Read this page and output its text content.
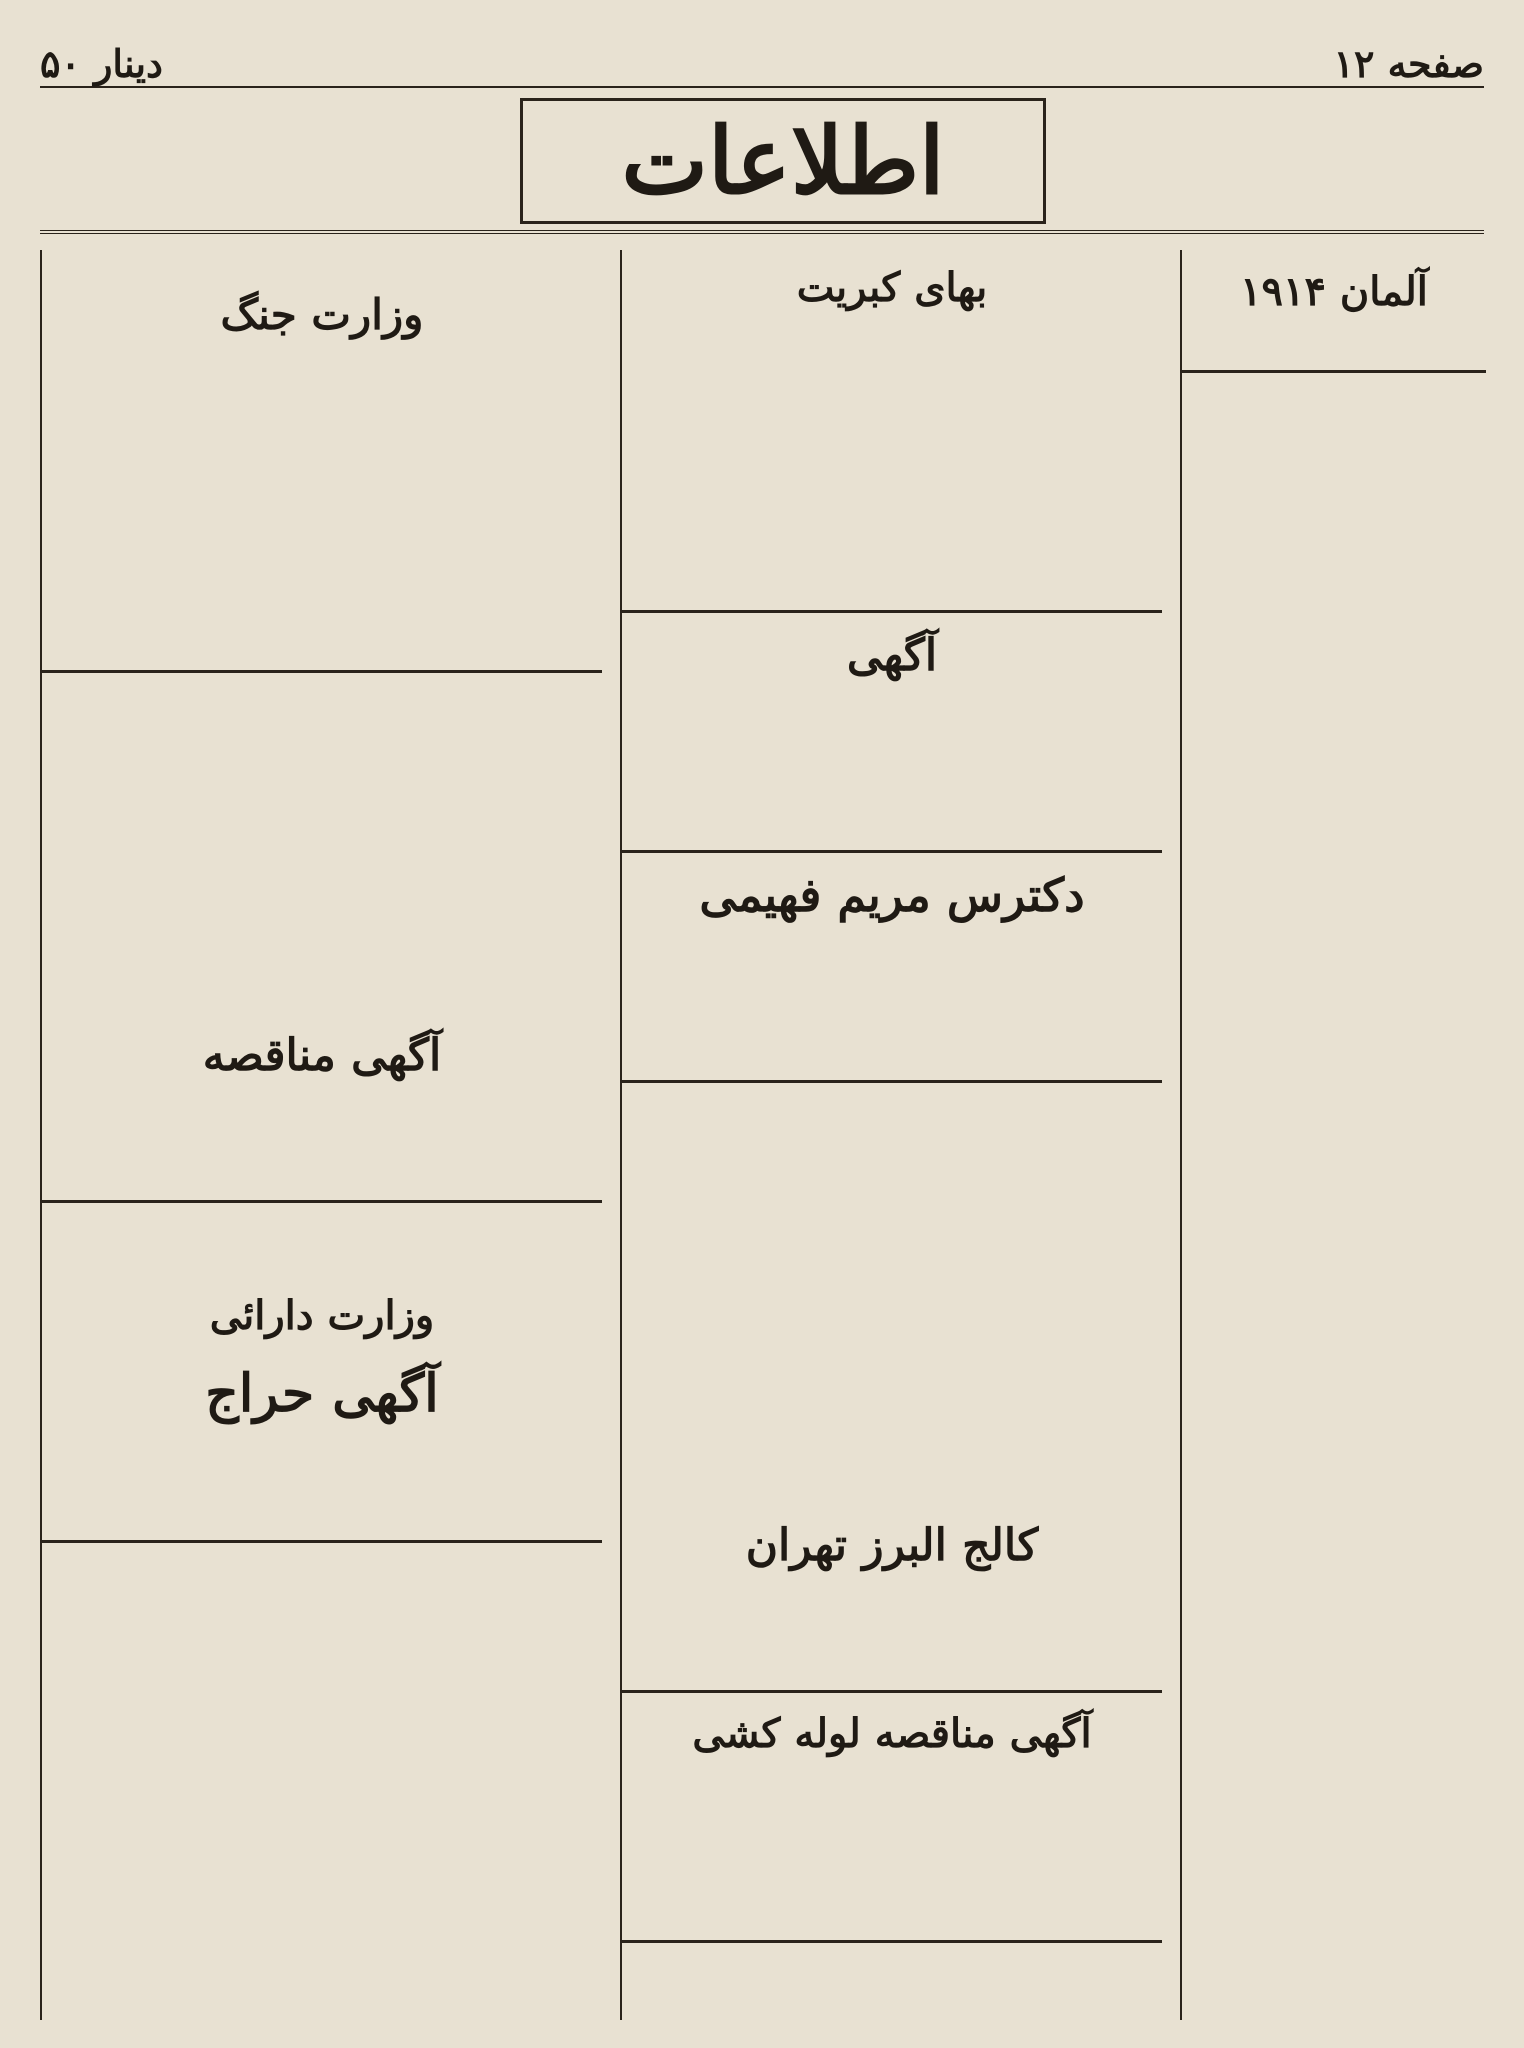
۵۰ دینار	۱۲ صفحه
اطلاعات
وزارت جنگ
آگهی مناقصه
وزارت دارائی
آگهی حراج
بهای کبریت
آگهی
دکترس مریم فهیمی
کالج البرز تهران
آگهی مناقصه لوله کشی
آلمان ۱۹۱۴
